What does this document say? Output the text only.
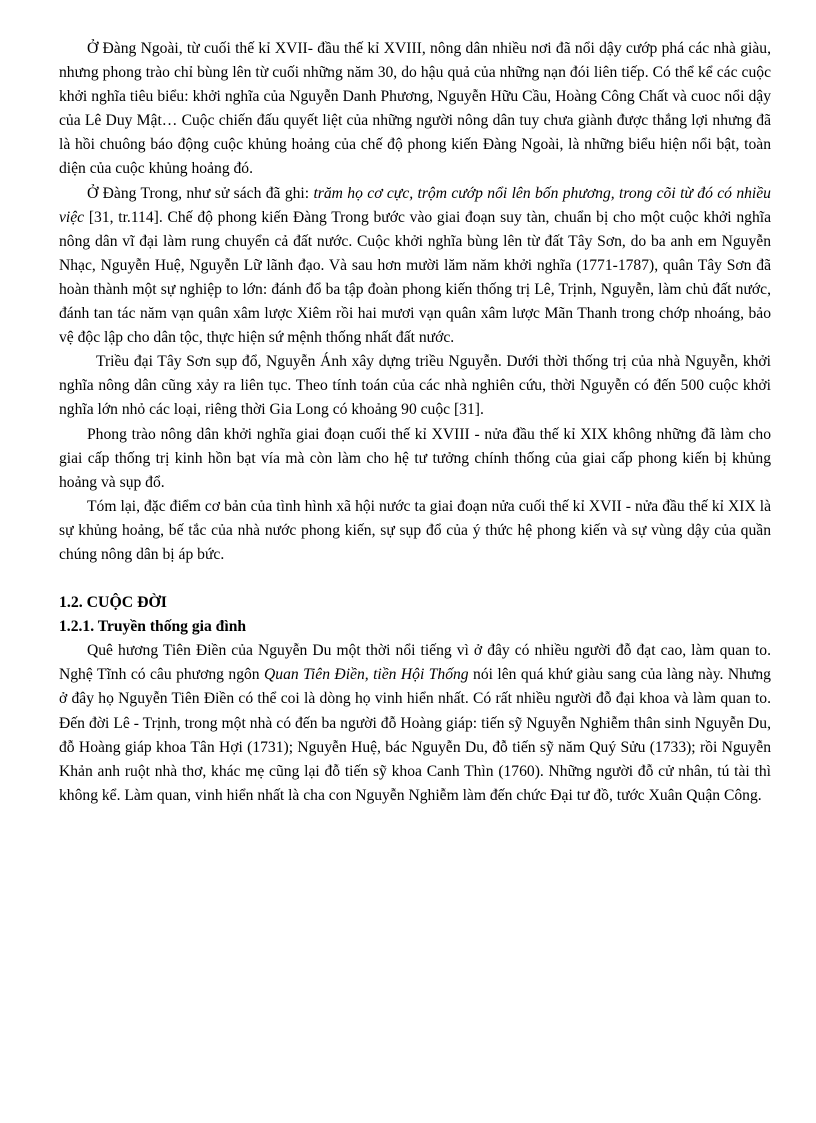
Ở Đàng Ngoài, từ cuối thế kỉ XVII- đầu thế kỉ XVIII, nông dân nhiều nơi đã nổi dậy cướp phá các nhà giàu, nhưng phong trào chỉ bùng lên từ cuối những năm 30, do hậu quả của những nạn đói liên tiếp. Có thể kể các cuộc khởi nghĩa tiêu biểu: khởi nghĩa của Nguyễn Danh Phương, Nguyễn Hữu Cầu, Hoàng Công Chất và cuoc nổi dậy của Lê Duy Mật… Cuộc chiến đấu quyết liệt của những người nông dân tuy chưa giành được thắng lợi nhưng đã là hồi chuông báo động cuộc khủng hoảng của chế độ phong kiến Đàng Ngoài, là những biểu hiện nổi bật, toàn diện của cuộc khủng hoảng đó.

Ở Đàng Trong, như sử sách đã ghi: trăm họ cơ cực, trộm cướp nổi lên bốn phương, trong cõi từ đó có nhiều việc [31, tr.114]. Chế độ phong kiến Đàng Trong bước vào giai đoạn suy tàn, chuẩn bị cho một cuộc khởi nghĩa nông dân vĩ đại làm rung chuyển cả đất nước. Cuộc khởi nghĩa bùng lên từ đất Tây Sơn, do ba anh em Nguyễn Nhạc, Nguyễn Huệ, Nguyễn Lữ lãnh đạo. Và sau hơn mười lăm năm khởi nghĩa (1771-1787), quân Tây Sơn đã hoàn thành một sự nghiệp to lớn: đánh đổ ba tập đoàn phong kiến thống trị Lê, Trịnh, Nguyễn, làm chủ đất nước, đánh tan tác năm vạn quân xâm lược Xiêm rồi hai mươi vạn quân xâm lược Mãn Thanh trong chớp nhoáng, bảo vệ độc lập cho dân tộc, thực hiện sứ mệnh thống nhất đất nước.

Triều đại Tây Sơn sụp đổ, Nguyễn Ánh xây dựng triều Nguyễn. Dưới thời thống trị của nhà Nguyễn, khởi nghĩa nông dân cũng xảy ra liên tục. Theo tính toán của các nhà nghiên cứu, thời Nguyễn có đến 500 cuộc khởi nghĩa lớn nhỏ các loại, riêng thời Gia Long có khoảng 90 cuộc [31].

Phong trào nông dân khởi nghĩa giai đoạn cuối thế kỉ XVIII - nửa đầu thế kỉ XIX không những đã làm cho giai cấp thống trị kinh hồn bạt vía mà còn làm cho hệ tư tưởng chính thống của giai cấp phong kiến bị khủng hoảng và sụp đổ.

Tóm lại, đặc điểm cơ bản của tình hình xã hội nước ta giai đoạn nửa cuối thế kỉ XVII - nửa đầu thế kỉ XIX là sự khủng hoảng, bế tắc của nhà nước phong kiến, sự sụp đổ của ý thức hệ phong kiến và sự vùng dậy của quần chúng nông dân bị áp bức.

1.2. CUỘC ĐỜI
1.2.1. Truyền thống gia đình

Quê hương Tiên Điền của Nguyễn Du một thời nổi tiếng vì ở đây có nhiều người đỗ đạt cao, làm quan to. Nghệ Tĩnh có câu phương ngôn Quan Tiên Điền, tiền Hội Thống nói lên quá khứ giàu sang của làng này. Nhưng ở đây họ Nguyễn Tiên Điền có thể coi là dòng họ vinh hiển nhất. Có rất nhiều người đỗ đại khoa và làm quan to. Đến đời Lê - Trịnh, trong một nhà có đến ba người đỗ Hoàng giáp: tiến sỹ Nguyễn Nghiễm thân sinh Nguyễn Du, đỗ Hoàng giáp khoa Tân Hợi (1731); Nguyễn Huệ, bác Nguyễn Du, đỗ tiến sỹ năm Quý Sửu (1733); rồi Nguyễn Khản anh ruột nhà thơ, khác mẹ cũng lại đỗ tiến sỹ khoa Canh Thìn (1760). Những người đỗ cử nhân, tú tài thì không kể. Làm quan, vinh hiển nhất là cha con Nguyễn Nghiễm làm đến chức Đại tư đồ, tước Xuân Quận Công.
